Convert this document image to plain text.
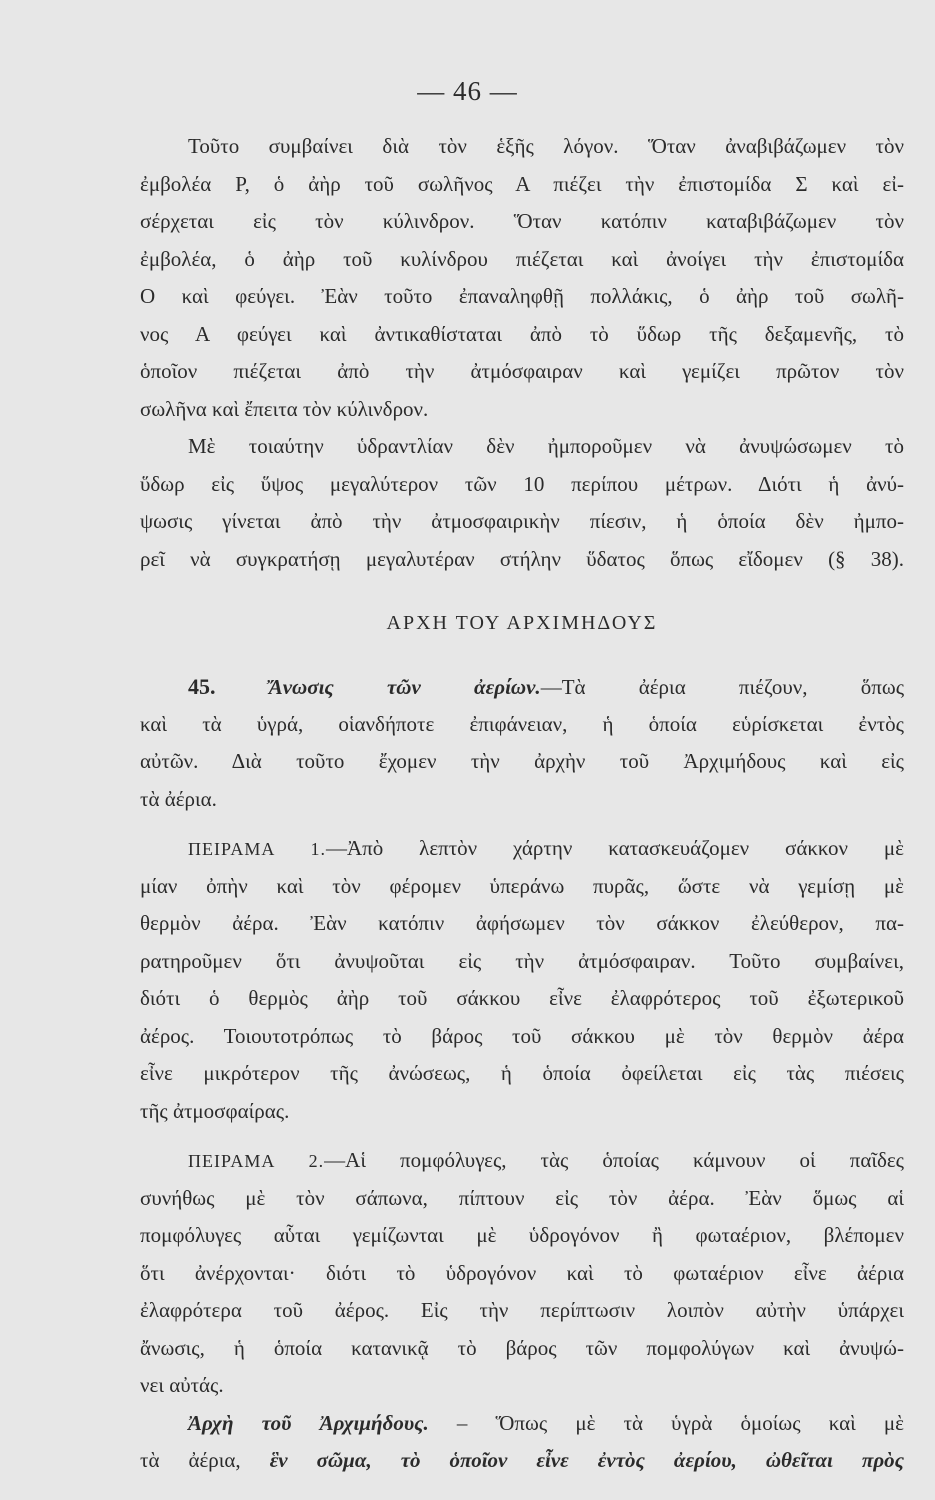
— 46 —
Τοῦτο συμβαίνει διὰ τὸν ἑξῆς λόγον. Ὅταν ἀναβιβάζωμεν τὸν
ἐμβολέα Ρ, ὁ ἀὴρ τοῦ σωλῆνος Α πιέζει τὴν ἐπιστομίδα Σ καὶ εἰ-
σέρχεται εἰς τὸν κύλινδρον. Ὅταν κατόπιν καταβιβάζωμεν τὸν
ἐμβολέα, ὁ ἀὴρ τοῦ κυλίνδρου πιέζεται καὶ ἀνοίγει τὴν ἐπιστομίδα
Ο καὶ φεύγει. Ἐὰν τοῦτο ἐπαναληφθῇ πολλάκις, ὁ ἀὴρ τοῦ σωλῆ-
νος Α φεύγει καὶ ἀντικαθίσταται ἀπὸ τὸ ὕδωρ τῆς δεξαμενῆς, τὸ
ὁποῖον πιέζεται ἀπὸ τὴν ἀτμόσφαιραν καὶ γεμίζει πρῶτον τὸν
σωλῆνα καὶ ἔπειτα τὸν κύλινδρον.
Μὲ τοιαύτην ὑδραντλίαν δὲν ἠμποροῦμεν νὰ ἀνυψώσωμεν τὸ
ὕδωρ εἰς ὕψος μεγαλύτερον τῶν 10 περίπου μέτρων. Διότι ἡ ἀνύ-
ψωσις γίνεται ἀπὸ τὴν ἀτμοσφαιρικὴν πίεσιν, ἡ ὁποία δὲν ἠμπο-
ρεῖ νὰ συγκρατήσῃ μεγαλυτέραν στήλην ὕδατος ὅπως εἴδομεν (§ 38).
ΑΡΧΗ ΤΟΥ ΑΡΧΙΜΗΔΟΥΣ
45.	Ἄνωσις τῶν ἀερίων.—Τὰ ἀέρια πιέζουν, ὅπως
καὶ τὰ ὑγρά, οἱανδήποτε ἐπιφάνειαν, ἡ ὁποία εὑρίσκεται ἐντὸς
αὐτῶν. Διὰ τοῦτο ἔχομεν τὴν ἀρχὴν τοῦ Ἀρχιμήδους καὶ εἰς
τὰ ἀέρια.
ΠΕΙΡΑΜΑ 1.—Ἀπὸ λεπτὸν χάρτην κατασκευάζομεν σάκκον μὲ
μίαν ὀπὴν καὶ τὸν φέρομεν ὑπεράνω πυρᾶς, ὥστε νὰ γεμίσῃ μὲ
θερμὸν ἀέρα. Ἐὰν κατόπιν ἀφήσωμεν τὸν σάκκον ἐλεύθερον, πα-
ρατηροῦμεν ὅτι ἀνυψοῦται εἰς τὴν ἀτμόσφαιραν. Τοῦτο συμβαίνει,
διότι ὁ θερμὸς ἀὴρ τοῦ σάκκου εἶνε ἐλαφρότερος τοῦ ἐξωτερικοῦ
ἀέρος. Τοιουτοτρόπως τὸ βάρος τοῦ σάκκου μὲ τὸν θερμὸν ἀέρα
εἶνε μικρότερον τῆς ἀνώσεως, ἡ ὁποία ὀφείλεται εἰς τὰς πιέσεις
τῆς ἀτμοσφαίρας.
ΠΕΙΡΑΜΑ 2.—Αἱ πομφόλυγες, τὰς ὁποίας κάμνουν οἱ παῖδες
συνήθως μὲ τὸν σάπωνα, πίπτουν εἰς τὸν ἀέρα. Ἐὰν ὅμως αἱ
πομφόλυγες αὗται γεμίζωνται μὲ ὑδρογόνον ἢ φωταέριον, βλέπομεν
ὅτι ἀνέρχονται· διότι τὸ ὑδρογόνον καὶ τὸ φωταέριον εἶνε ἀέρια
ἐλαφρότερα τοῦ ἀέρος. Εἰς τὴν περίπτωσιν λοιπὸν αὐτὴν ὑπάρχει
ἄνωσις, ἡ ὁποία κατανικᾷ τὸ βάρος τῶν πομφολύγων καὶ ἀνυψώ-
νει αὐτάς.
Ἀρχὴ τοῦ Ἀρχιμήδους. – Ὅπως μὲ τὰ ὑγρὰ ὁμοίως καὶ μὲ
τὰ ἀέρια, ἓν σῶμα, τὸ ὁποῖον εἶνε ἐντὸς ἀερίου, ὠθεῖται πρὸς
